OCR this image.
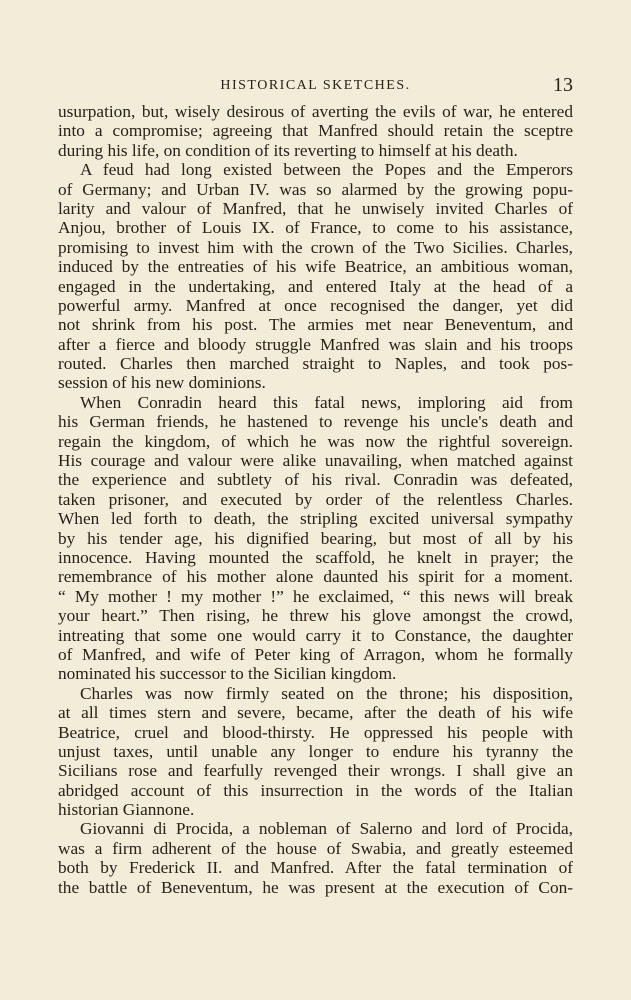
HISTORICAL SKETCHES.	13
usurpation, but, wisely desirous of averting the evils of war, he entered
into a compromise; agreeing that Manfred should retain the sceptre
during his life, on condition of its reverting to himself at his death.
A feud had long existed between the Popes and the Emperors
of Germany; and Urban IV. was so alarmed by the growing popu-
larity and valour of Manfred, that he unwisely invited Charles of
Anjou, brother of Louis IX. of France, to come to his assistance,
promising to invest him with the crown of the Two Sicilies. Charles,
induced by the entreaties of his wife Beatrice, an ambitious woman,
engaged in the undertaking, and entered Italy at the head of a
powerful army. Manfred at once recognised the danger, yet did
not shrink from his post. The armies met near Beneventum, and
after a fierce and bloody struggle Manfred was slain and his troops
routed. Charles then marched straight to Naples, and took pos-
session of his new dominions.
When Conradin heard this fatal news, imploring aid from
his German friends, he hastened to revenge his uncle's death and
regain the kingdom, of which he was now the rightful sovereign.
His courage and valour were alike unavailing, when matched against
the experience and subtlety of his rival. Conradin was defeated,
taken prisoner, and executed by order of the relentless Charles.
When led forth to death, the stripling excited universal sympathy
by his tender age, his dignified bearing, but most of all by his
innocence. Having mounted the scaffold, he knelt in prayer; the
remembrance of his mother alone daunted his spirit for a moment.
“ My mother ! my mother !” he exclaimed, “ this news will break
your heart.” Then rising, he threw his glove amongst the crowd,
intreating that some one would carry it to Constance, the daughter
of Manfred, and wife of Peter king of Arragon, whom he formally
nominated his successor to the Sicilian kingdom.
Charles was now firmly seated on the throne; his disposition,
at all times stern and severe, became, after the death of his wife
Beatrice, cruel and blood-thirsty. He oppressed his people with
unjust taxes, until unable any longer to endure his tyranny the
Sicilians rose and fearfully revenged their wrongs. I shall give an
abridged account of this insurrection in the words of the Italian
historian Giannone.
Giovanni di Procida, a nobleman of Salerno and lord of Procida,
was a firm adherent of the house of Swabia, and greatly esteemed
both by Frederick II. and Manfred. After the fatal termination of
the battle of Beneventum, he was present at the execution of Con-
